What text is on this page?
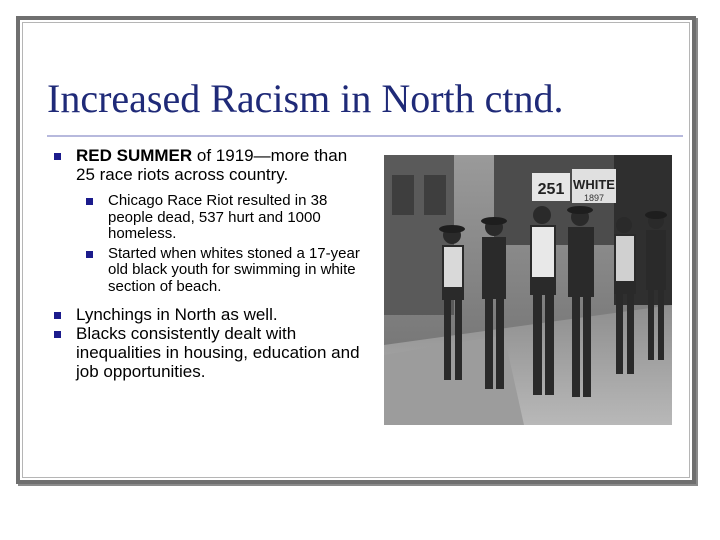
Increased Racism in North ctnd.
RED SUMMER of 1919—more than 25 race riots across country.
Chicago Race Riot resulted in 38 people dead, 537 hurt and 1000 homeless.
Started when whites stoned a 17-year old black youth for swimming in white section of beach.
Lynchings in North as well.
Blacks consistently dealt with inequalities in housing, education and job opportunities.
251 WHITE
1897
